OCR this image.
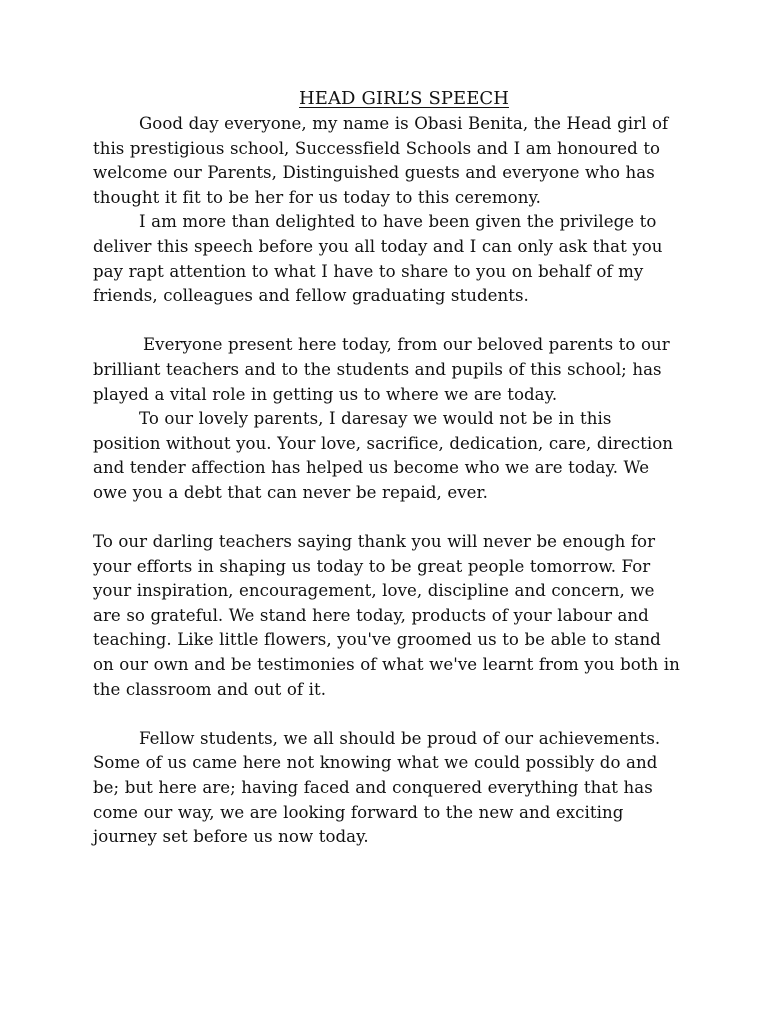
HEAD GIRL’S SPEECH

Good day everyone, my name is Obasi Benita, the Head girl of this prestigious school, Successfield Schools and I am honoured to welcome our Parents, Distinguished guests and everyone who has thought it fit to be her for us today to this ceremony.

I am more than delighted to have been given the privilege to deliver this speech before you all today and I can only ask that you pay rapt attention to what I have to share to you on behalf of my friends, colleagues and fellow graduating students.

Everyone present here today, from our beloved parents to our brilliant teachers and to the students and pupils of this school; has played a vital role in getting us to where we are today.

To our lovely parents, I daresay we would not be in this position without you. Your love, sacrifice, dedication, care, direction and tender affection has helped us become who we are today. We owe you a debt that can never be repaid, ever.

To our darling teachers saying thank you will never be enough for your efforts in shaping us today to be great people tomorrow. For your inspiration, encouragement, love, discipline and concern, we are so grateful. We stand here today, products of your labour and teaching. Like little flowers, you've groomed us to be able to stand on our own and be testimonies of what we've learnt from you both in the classroom and out of it.

Fellow students, we all should be proud of our achievements. Some of us came here not knowing what we could possibly do and be; but here are; having faced and conquered everything that has come our way, we are looking forward to the new and exciting journey set before us now today.
